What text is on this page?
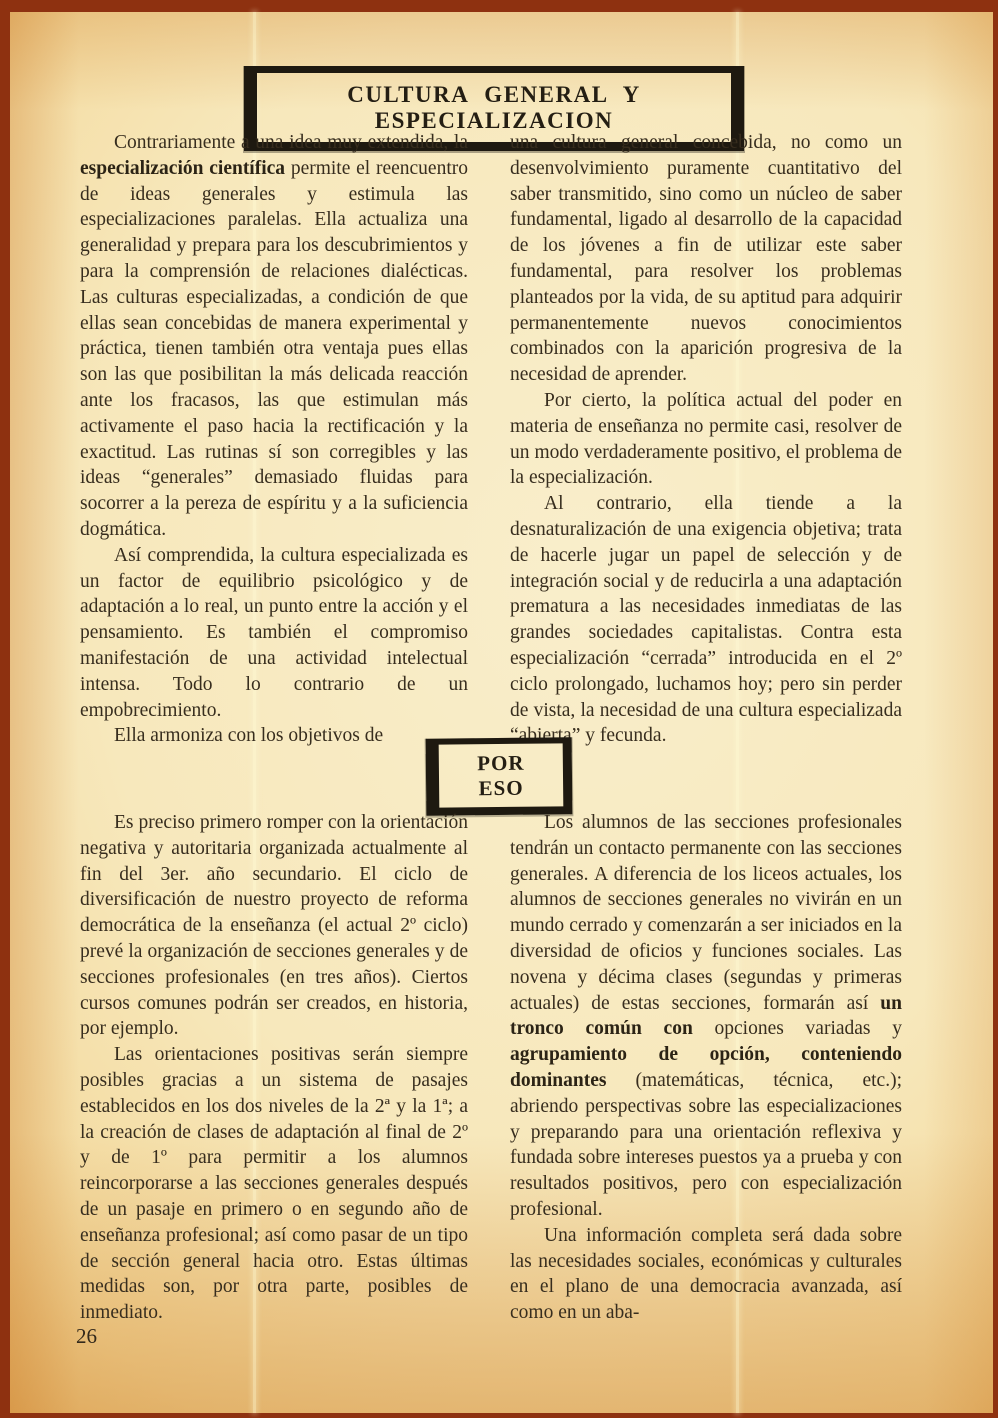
CULTURA GENERAL Y ESPECIALIZACION

Contrariamente a una idea muy extendida, la especialización científica permite el reencuentro de ideas generales y estimula las especializaciones paralelas. Ella actualiza una generalidad y prepara para los descubrimientos y para la comprensión de relaciones dialécticas. Las culturas especializadas, a condición de que ellas sean concebidas de manera experimental y práctica, tienen también otra ventaja pues ellas son las que posibilitan la más delicada reacción ante los fracasos, las que estimulan más activamente el paso hacia la rectificación y la exactitud. Las rutinas sí son corregibles y las ideas “generales” demasiado fluidas para socorrer a la pereza de espíritu y a la suficiencia dogmática.

Así comprendida, la cultura especializada es un factor de equilibrio psicológico y de adaptación a lo real, un punto entre la acción y el pensamiento. Es también el compromiso manifestación de una actividad intelectual intensa. Todo lo contrario de un empobrecimiento.

Ella armoniza con los objetivos de

una cultura general concebida, no como un desenvolvimiento puramente cuantitativo del saber transmitido, sino como un núcleo de saber fundamental, ligado al desarrollo de la capacidad de los jóvenes a fin de utilizar este saber fundamental, para resolver los problemas planteados por la vida, de su aptitud para adquirir permanentemente nuevos conocimientos combinados con la aparición progresiva de la necesidad de aprender.

Por cierto, la política actual del poder en materia de enseñanza no permite casi, resolver de un modo verdaderamente positivo, el problema de la especialización.

Al contrario, ella tiende a la desnaturalización de una exigencia objetiva; trata de hacerle jugar un papel de selección y de integración social y de reducirla a una adaptación prematura a las necesidades inmediatas de las grandes sociedades capitalistas. Contra esta especialización “cerrada” introducida en el 2º ciclo prolongado, luchamos hoy; pero sin perder de vista, la necesidad de una cultura especializada “abierta” y fecunda.

POR ESO

Es preciso primero romper con la orientación negativa y autoritaria organizada actualmente al fin del 3er. año secundario. El ciclo de diversificación de nuestro proyecto de reforma democrática de la enseñanza (el actual 2º ciclo) prevé la organización de secciones generales y de secciones profesionales (en tres años). Ciertos cursos comunes podrán ser creados, en historia, por ejemplo.

Las orientaciones positivas serán siempre posibles gracias a un sistema de pasajes establecidos en los dos niveles de la 2ª y la 1ª; a la creación de clases de adaptación al final de 2º y de 1º para permitir a los alumnos reincorporarse a las secciones generales después de un pasaje en primero o en segundo año de enseñanza profesional; así como pasar de un tipo de sección general hacia otro. Estas últimas medidas son, por otra parte, posibles de inmediato.

Los alumnos de las secciones profesionales tendrán un contacto permanente con las secciones generales. A diferencia de los liceos actuales, los alumnos de secciones generales no vivirán en un mundo cerrado y comenzarán a ser iniciados en la diversidad de oficios y funciones sociales. Las novena y décima clases (segundas y primeras actuales) de estas secciones, formarán así un tronco común con opciones variadas y agrupamiento de opción, conteniendo dominantes (matemáticas, técnica, etc.); abriendo perspectivas sobre las especializaciones y preparando para una orientación reflexiva y fundada sobre intereses puestos ya a prueba y con resultados positivos, pero con especialización profesional.

Una información completa será dada sobre las necesidades sociales, económicas y culturales en el plano de una democracia avanzada, así como en un aba-

26
